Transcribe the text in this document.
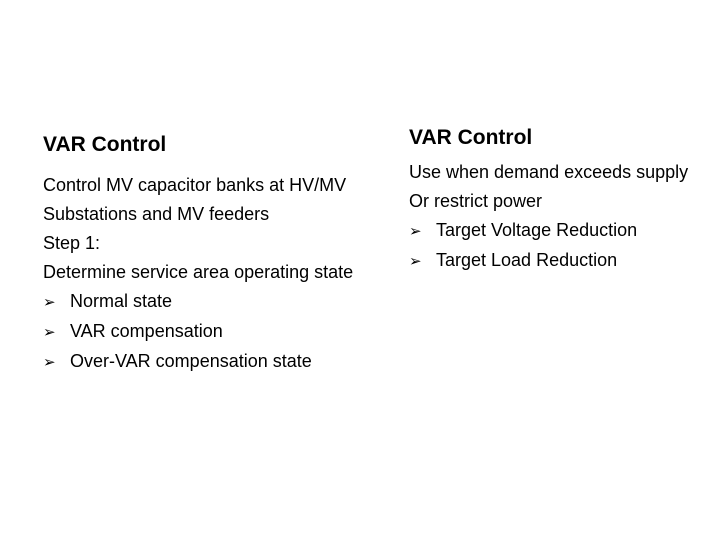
VAR Control
Control MV capacitor banks at HV/MV
Substations and MV feeders
Step 1:
Determine service area operating state
➢ Normal state
➢ VAR compensation
➢ Over-VAR compensation state
VAR Control
Use when demand exceeds supply
Or restrict power
➢ Target Voltage Reduction
➢ Target Load Reduction
